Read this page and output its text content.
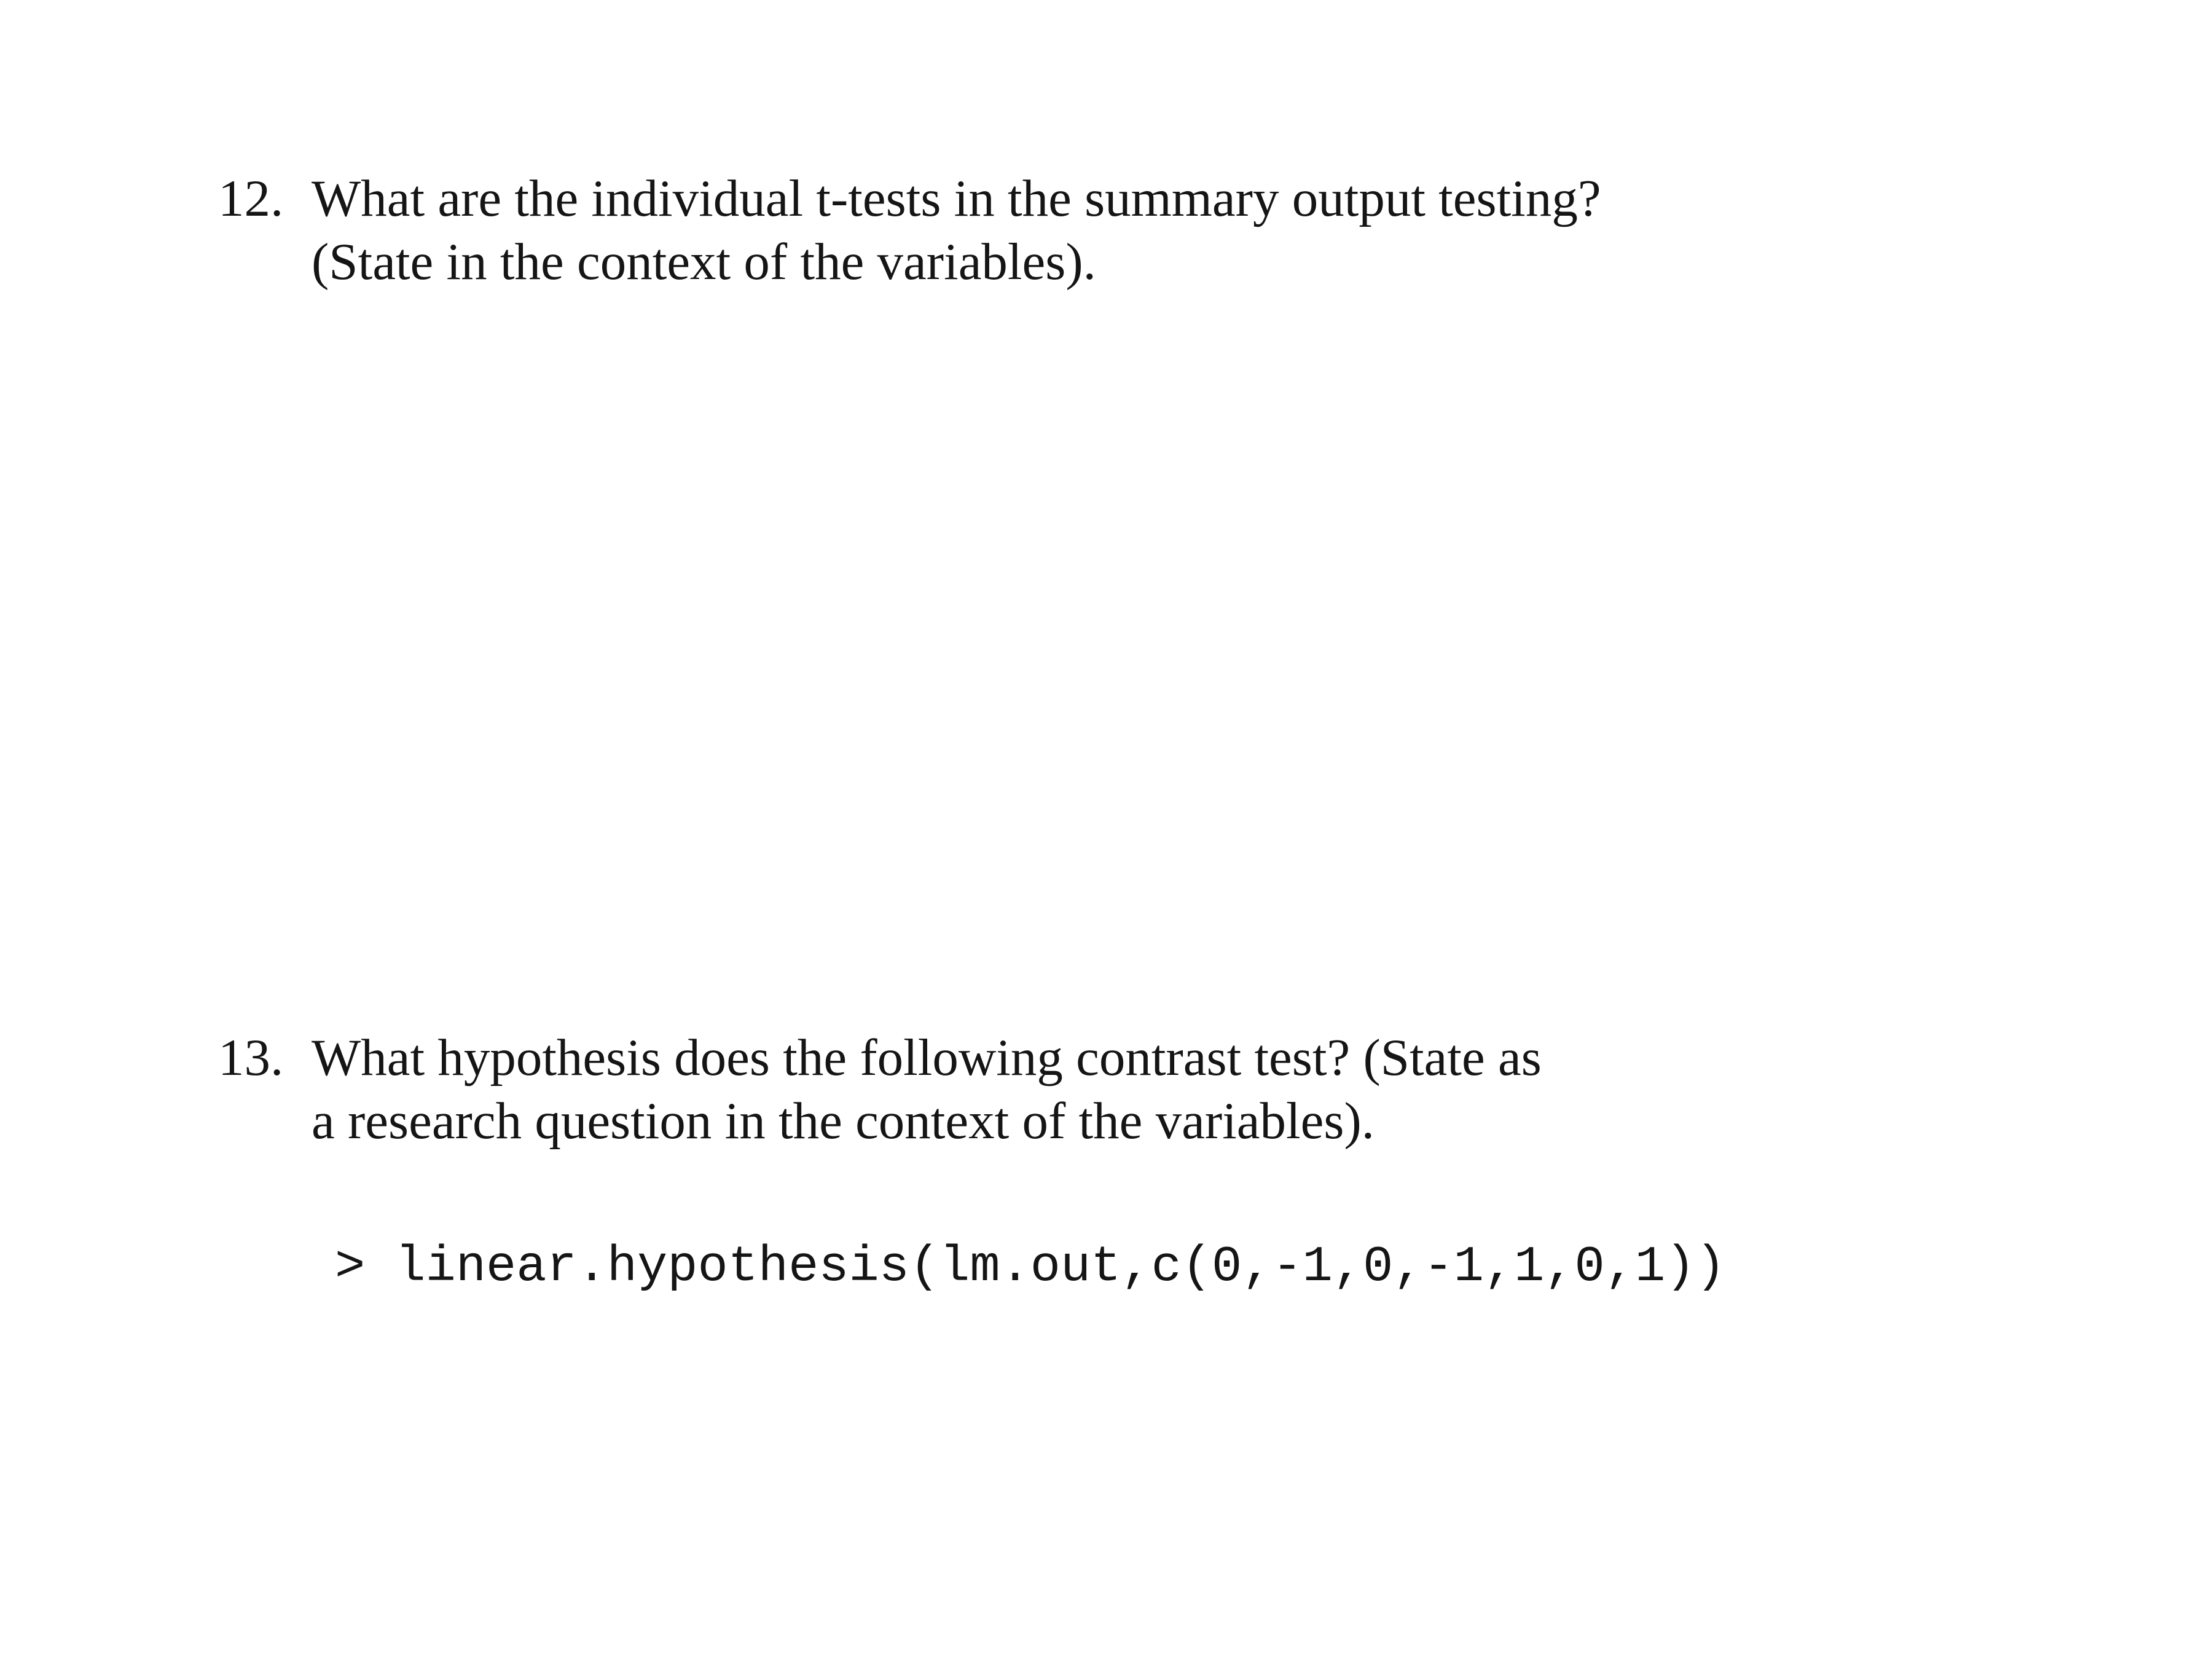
12. What are the individual t-tests in the summary output testing?
(State in the context of the variables).
13. What hypothesis does the following contrast test? (State as
a research question in the context of the variables).
> linear.hypothesis(lm.out,c(0,-1,0,-1,1,0,1))
